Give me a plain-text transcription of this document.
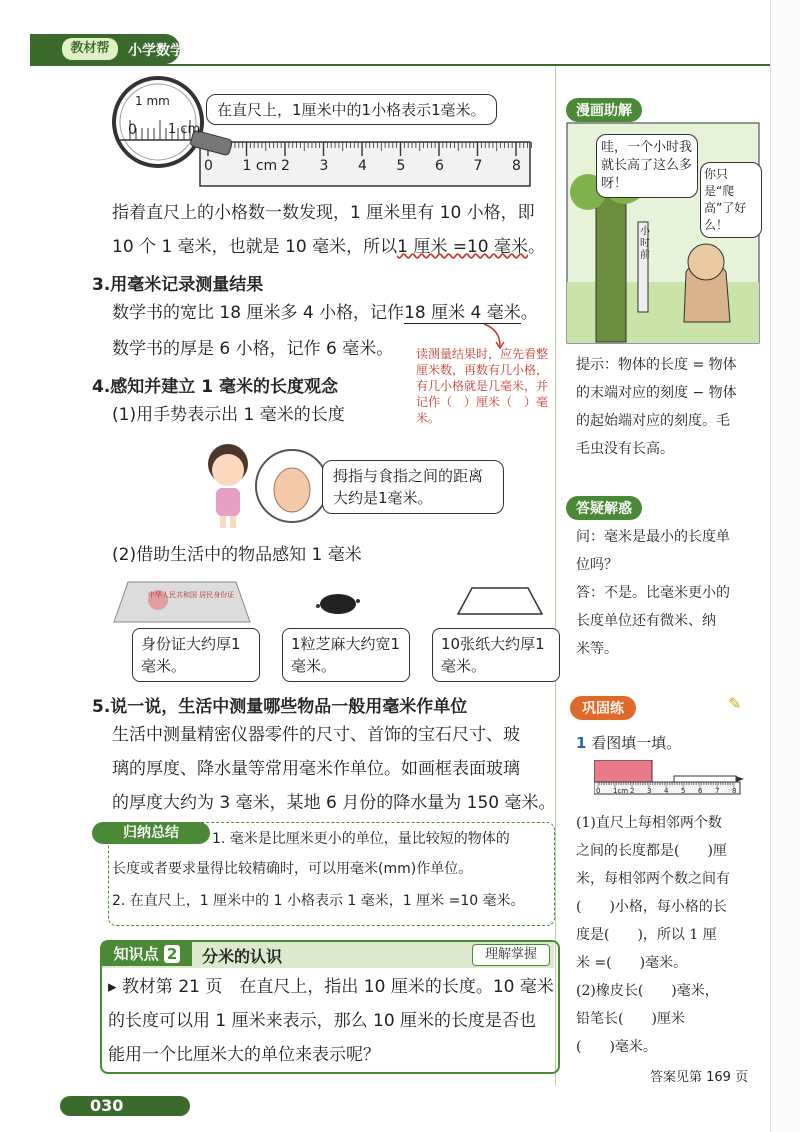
教材帮	小学数学 · 三年级上册 · RJ
1 mm
0 1 cm
在直尺上，1厘米中的1小格表示1毫米。
0 1 cm 2 3 4 5 6 7 8
指着直尺上的小格数一数发现，1 厘米里有 10 小格，即
10 个 1 毫米，也就是 10 毫米，所以1 厘米 =10 毫米。
3.用毫米记录测量结果
数学书的宽比 18 厘米多 4 小格，记作18 厘米 4 毫米。
数学书的厚是 6 小格，记作 6 毫米。 读测量结果时，应先看整厘米数，再数有几小格，有几小格就是几毫米，并记作（　）厘米（　）毫米。
4.感知并建立 1 毫米的长度观念
(1)用手势表示出 1 毫米的长度
拇指与食指之间的距离大约是1毫米。
(2)借助生活中的物品感知 1 毫米
中华人民共和国 居民身份证
身份证大约厚1毫米。
1粒芝麻大约宽1毫米。
10张纸大约厚1毫米。
5.说一说，生活中测量哪些物品一般用毫米作单位
生活中测量精密仪器零件的尺寸、首饰的宝石尺寸、玻
璃的厚度、降水量等常用毫米作单位。如画框表面玻璃
的厚度大约为 3 毫米，某地 6 月份的降水量为 150 毫米。
归纳总结	1. 毫米是比厘米更小的单位，量比较短的物体的
长度或者要求量得比较精确时，可以用毫米(mm)作单位。
2. 在直尺上，1 厘米中的 1 小格表示 1 毫米，1 厘米 =10 毫米。
知识点 2	分米的认识	理解掌握
▸ 教材第 21 页　在直尺上，指出 10 厘米的长度。10 毫米
的长度可以用 1 厘米来表示，那么 10 厘米的长度是否也
能用一个比厘米大的单位来表示呢？
030
漫画助解
哇，一个小时我就长高了这么多呀！
你只是“爬高”了好么！
小时前
提示：物体的长度 = 物体
的末端对应的刻度 − 物体
的起始端对应的刻度。毛
毛虫没有长高。
答疑解惑
问：毫米是最小的长度单
位吗？
答：不是。比毫米更小的
长度单位还有微米、纳
米等。
巩固练	✎
1 看图填一填。
0 1cm 2 3 4 5 6 7 8
(1)直尺上每相邻两个数
之间的长度都是(　　)厘
米，每相邻两个数之间有
(　　)小格，每小格的长
度是(　　)，所以 1 厘
米 =(　　)毫米。
(2)橡皮长(　　)毫米，
铅笔长(　　)厘米
(　　)毫米。
答案见第 169 页
